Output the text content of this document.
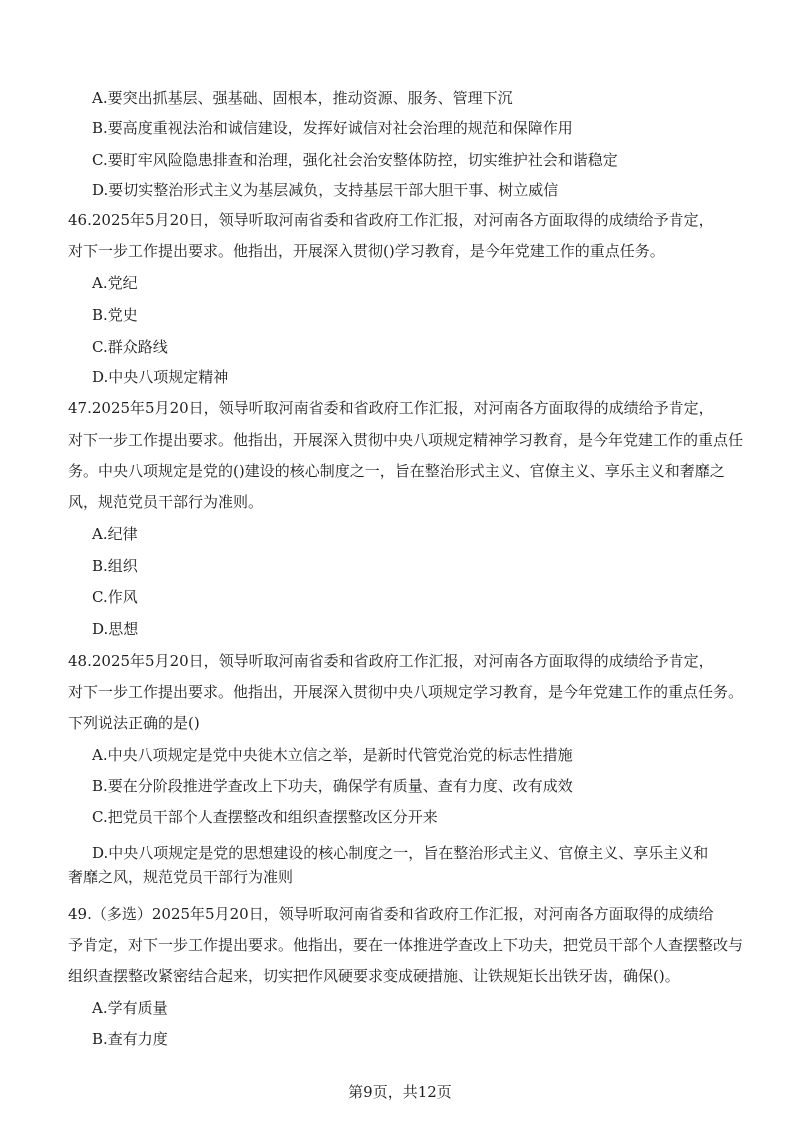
A.要突出抓基层、强基础、固根本，推动资源、服务、管理下沉
B.要高度重视法治和诚信建设，发挥好诚信对社会治理的规范和保障作用
C.要盯牢风险隐患排查和治理，强化社会治安整体防控，切实维护社会和谐稳定
D.要切实整治形式主义为基层减负，支持基层干部大胆干事、树立威信
46.2025年5月20日，领导听取河南省委和省政府工作汇报，对河南各方面取得的成绩给予肯定，
对下一步工作提出要求。他指出，开展深入贯彻()学习教育，是今年党建工作的重点任务。
A.党纪
B.党史
C.群众路线
D.中央八项规定精神
47.2025年5月20日，领导听取河南省委和省政府工作汇报，对河南各方面取得的成绩给予肯定，
对下一步工作提出要求。他指出，开展深入贯彻中央八项规定精神学习教育，是今年党建工作的重点任
务。中央八项规定是党的()建设的核心制度之一，旨在整治形式主义、官僚主义、享乐主义和奢靡之
风，规范党员干部行为准则。
A.纪律
B.组织
C.作风
D.思想
48.2025年5月20日，领导听取河南省委和省政府工作汇报，对河南各方面取得的成绩给予肯定，
对下一步工作提出要求。他指出，开展深入贯彻中央八项规定学习教育，是今年党建工作的重点任务。
下列说法正确的是()
A.中央八项规定是党中央徙木立信之举，是新时代管党治党的标志性措施
B.要在分阶段推进学查改上下功夫，确保学有质量、查有力度、改有成效
C.把党员干部个人查摆整改和组织查摆整改区分开来
D.中央八项规定是党的思想建设的核心制度之一，旨在整治形式主义、官僚主义、享乐主义和
奢靡之风，规范党员干部行为准则
49.（多选）2025年5月20日，领导听取河南省委和省政府工作汇报，对河南各方面取得的成绩给
予肯定，对下一步工作提出要求。他指出，要在一体推进学查改上下功夫，把党员干部个人查摆整改与
组织查摆整改紧密结合起来，切实把作风硬要求变成硬措施、让铁规矩长出铁牙齿，确保()。
A.学有质量
B.查有力度
第9页，共12页
